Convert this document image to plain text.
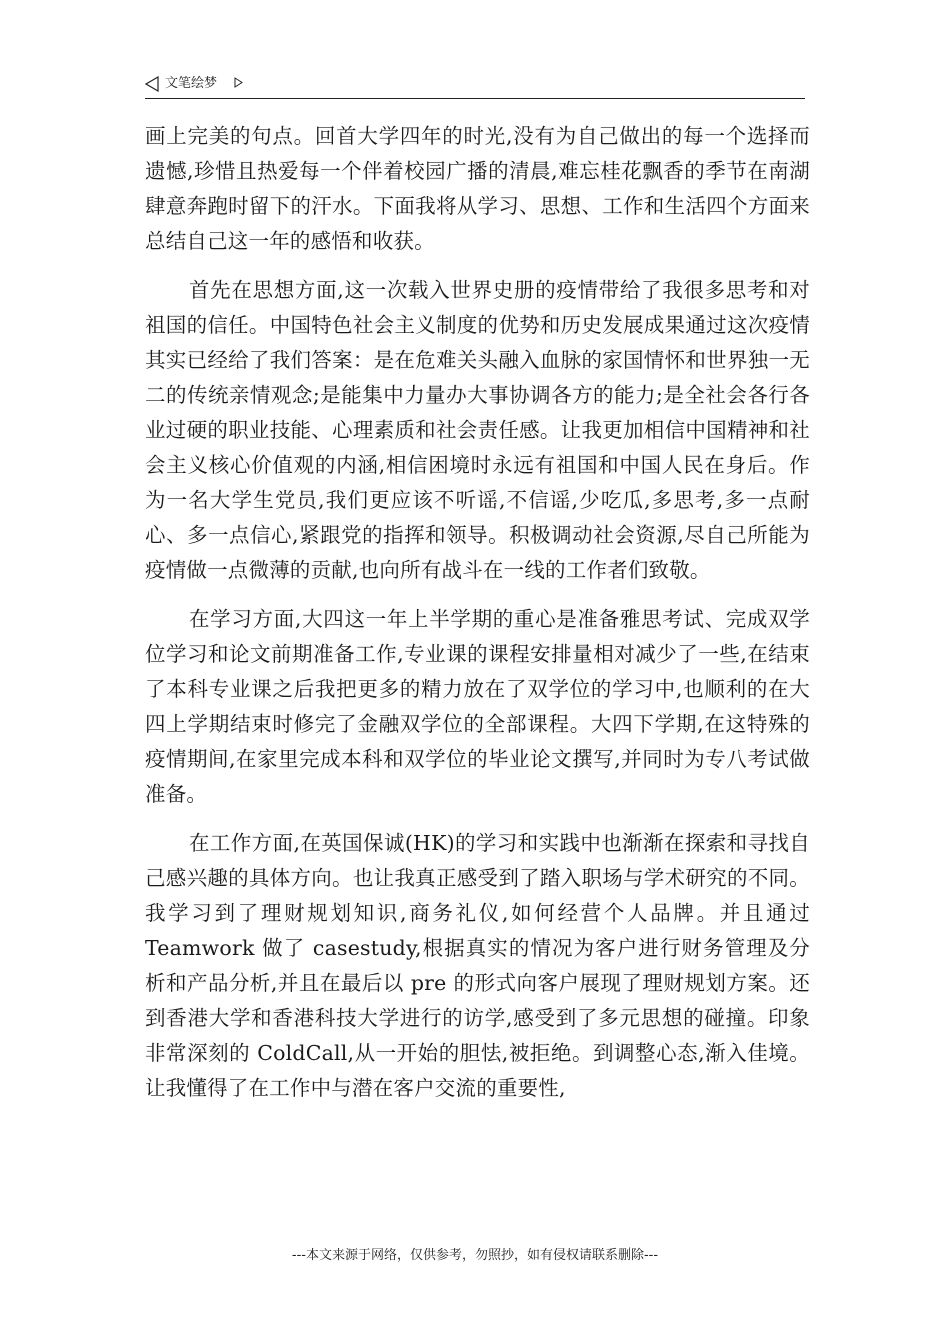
文笔绘梦

画上完美的句点。回首大学四年的时光,没有为自己做出的每一个选择而遗憾,珍惜且热爱每一个伴着校园广播的清晨,难忘桂花飘香的季节在南湖肆意奔跑时留下的汗水。下面我将从学习、思想、工作和生活四个方面来总结自己这一年的感悟和收获。

首先在思想方面,这一次载入世界史册的疫情带给了我很多思考和对祖国的信任。中国特色社会主义制度的优势和历史发展成果通过这次疫情其实已经给了我们答案：是在危难关头融入血脉的家国情怀和世界独一无二的传统亲情观念;是能集中力量办大事协调各方的能力;是全社会各行各业过硬的职业技能、心理素质和社会责任感。让我更加相信中国精神和社会主义核心价值观的内涵,相信困境时永远有祖国和中国人民在身后。作为一名大学生党员,我们更应该不听谣,不信谣,少吃瓜,多思考,多一点耐心、多一点信心,紧跟党的指挥和领导。积极调动社会资源,尽自己所能为疫情做一点微薄的贡献,也向所有战斗在一线的工作者们致敬。

在学习方面,大四这一年上半学期的重心是准备雅思考试、完成双学位学习和论文前期准备工作,专业课的课程安排量相对减少了一些,在结束了本科专业课之后我把更多的精力放在了双学位的学习中,也顺利的在大四上学期结束时修完了金融双学位的全部课程。大四下学期,在这特殊的疫情期间,在家里完成本科和双学位的毕业论文撰写,并同时为专八考试做准备。

在工作方面,在英国保诚(HK)的学习和实践中也渐渐在探索和寻找自己感兴趣的具体方向。也让我真正感受到了踏入职场与学术研究的不同。我学习到了理财规划知识,商务礼仪,如何经营个人品牌。并且通过 Teamwork 做了 casestudy,根据真实的情况为客户进行财务管理及分析和产品分析,并且在最后以 pre 的形式向客户展现了理财规划方案。还到香港大学和香港科技大学进行的访学,感受到了多元思想的碰撞。印象非常深刻的 ColdCall,从一开始的胆怯,被拒绝。到调整心态,渐入佳境。让我懂得了在工作中与潜在客户交流的重要性,

---本文来源于网络，仅供参考，勿照抄，如有侵权请联系删除---
